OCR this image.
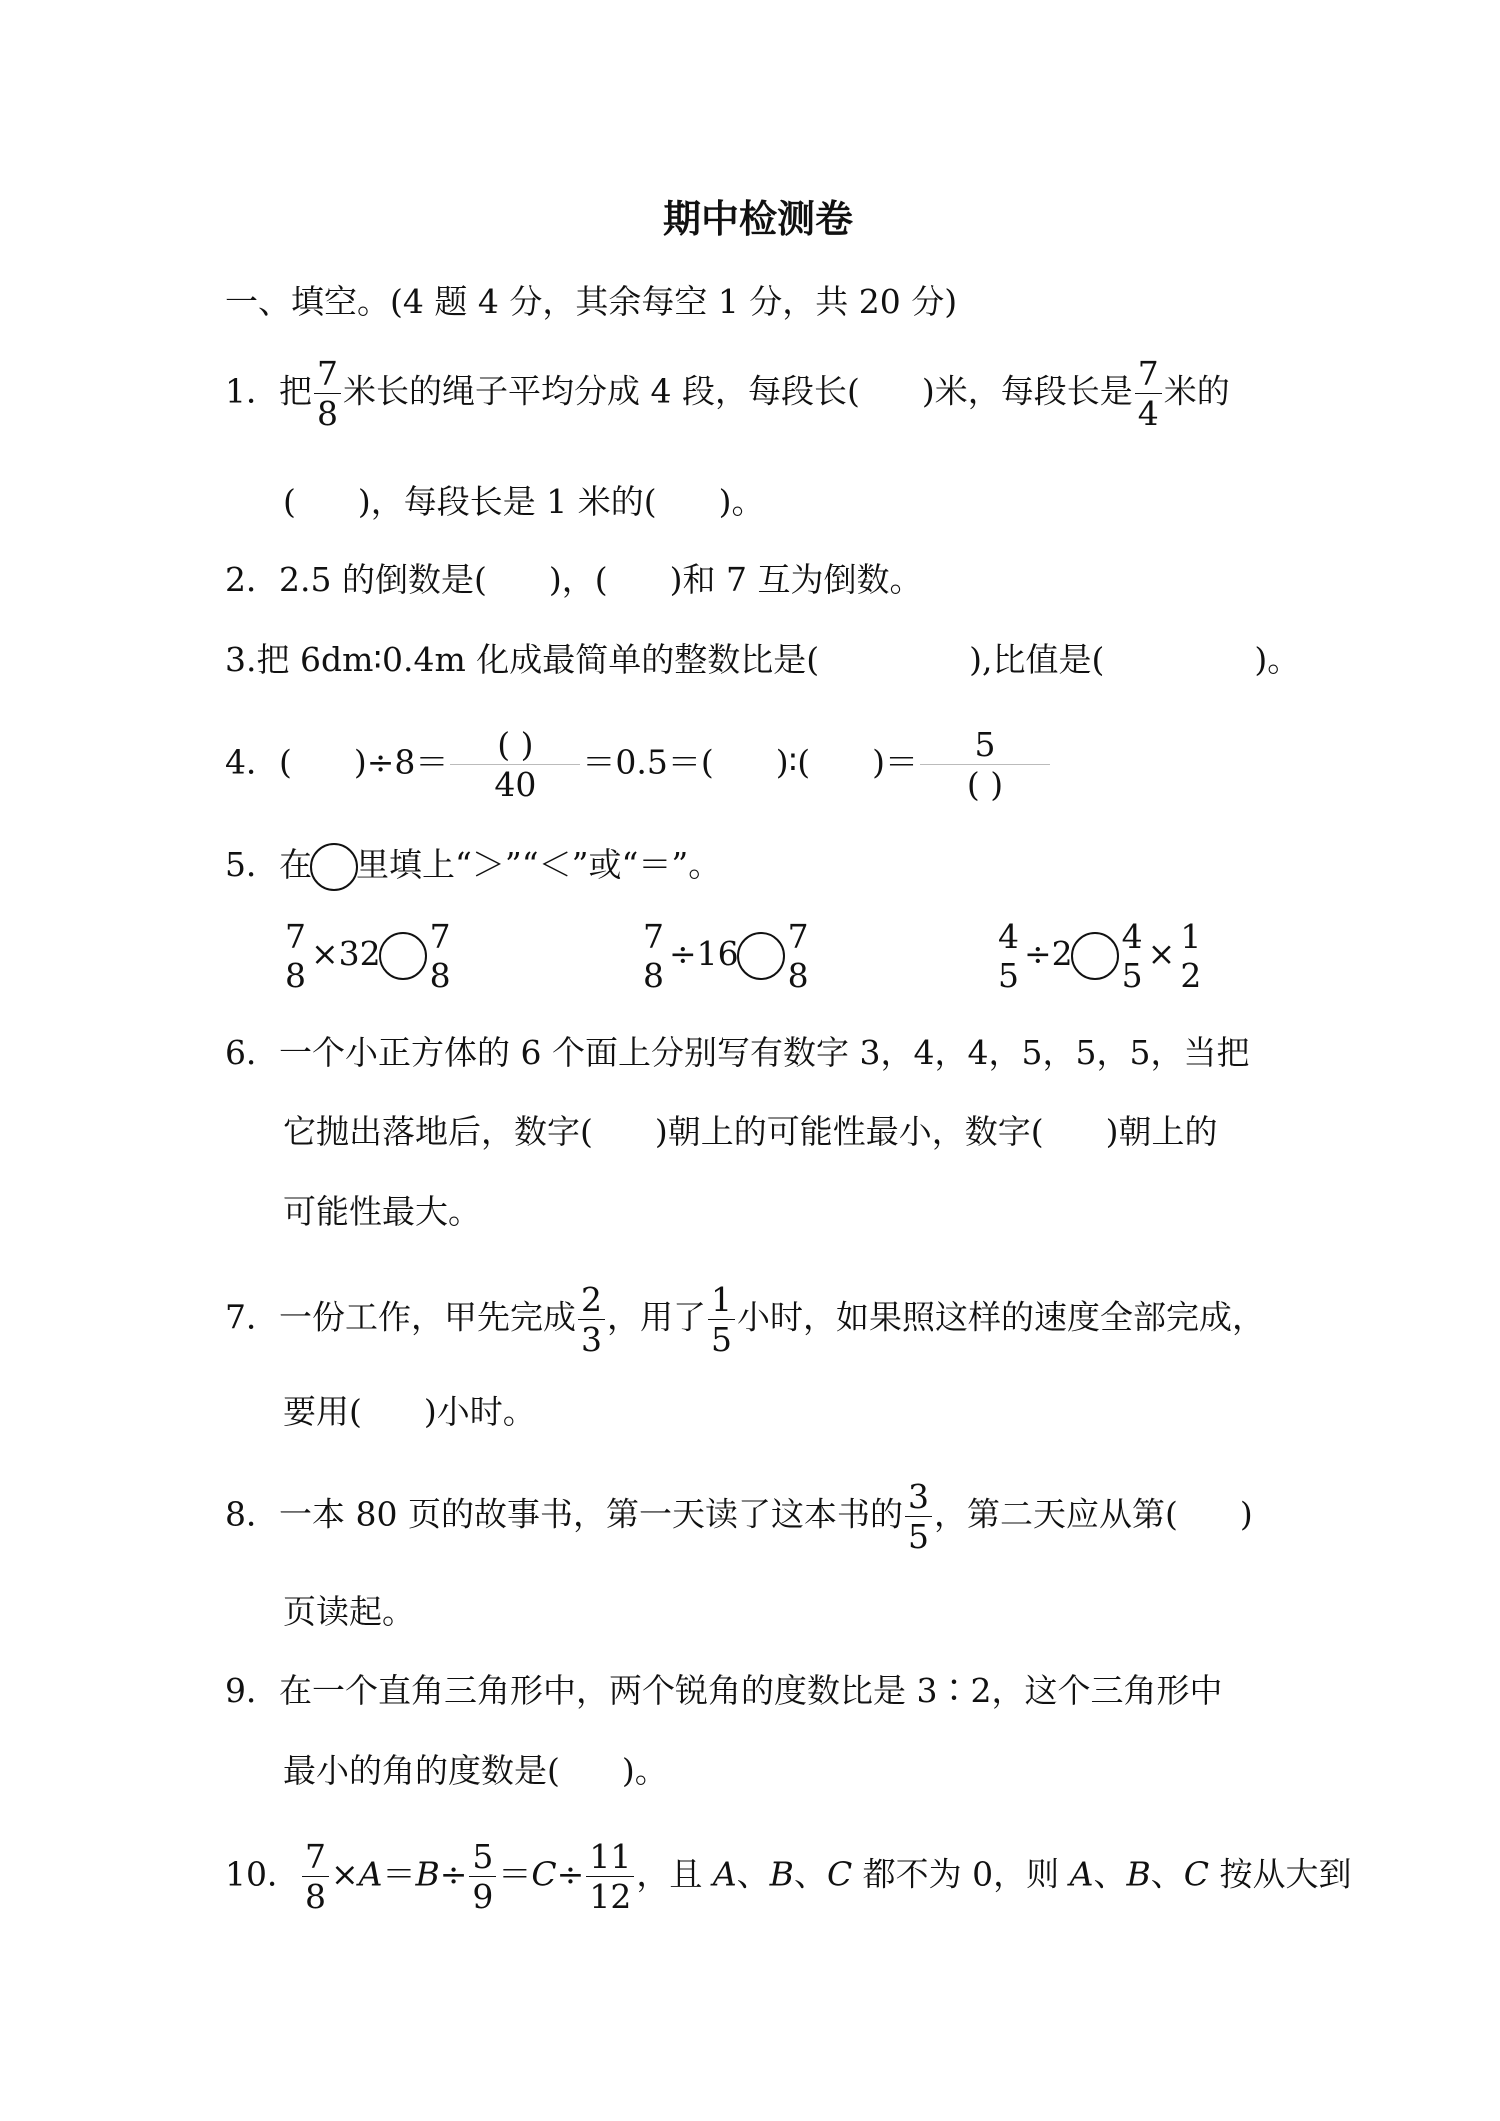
期中检测卷
一、填空。(4 题 4 分，其余每空 1 分，共 20 分)
1．把 $\frac{7}{8}$ 米长的绳子平均分成 4 段，每段长( )米，每段长是 $\frac{7}{4}$ 米的
( )，每段长是 1 米的( )。
2．2.5 的倒数是( )，( )和 7 互为倒数。
3.把 6dm∶0.4m 化成最简单的整数比是(	),比值是(	)。
4．( )$\div 8= \frac{( )}{40} =0.5=$( )∶( )＝ $\frac{5}{( )}$
5．在 里填上“＞”“＜”或“＝”。
7
8
×32 7
8
7
8
÷16 7
8
4
5
÷2 4
5
× 1
2
6．一个小正方体的 6 个面上分别写有数字 3，4，4，5，5，5，当把
它抛出落地后，数字( )朝上的可能性最小，数字( )朝上的
可能性最大。
7．一份工作，甲先完成 $\frac{2}{3}$ ，用了 $\frac{1}{5}$ 小时，如果照这样的速度全部完成，
要用( )小时。
8．一本 80 页的故事书，第一天读了这本书的 $\frac{3}{5}$ ，第二天应从第( )
页读起。
9．在一个直角三角形中，两个锐角的度数比是 3∶2，这个三角形中
最小的角的度数是( )。
10． $\frac{7}{8} \times A=B\div \frac{5}{9} =C\div \frac{11}{12}$ ，且 A、B、C 都不为 0，则 A、B、C 按从大到
